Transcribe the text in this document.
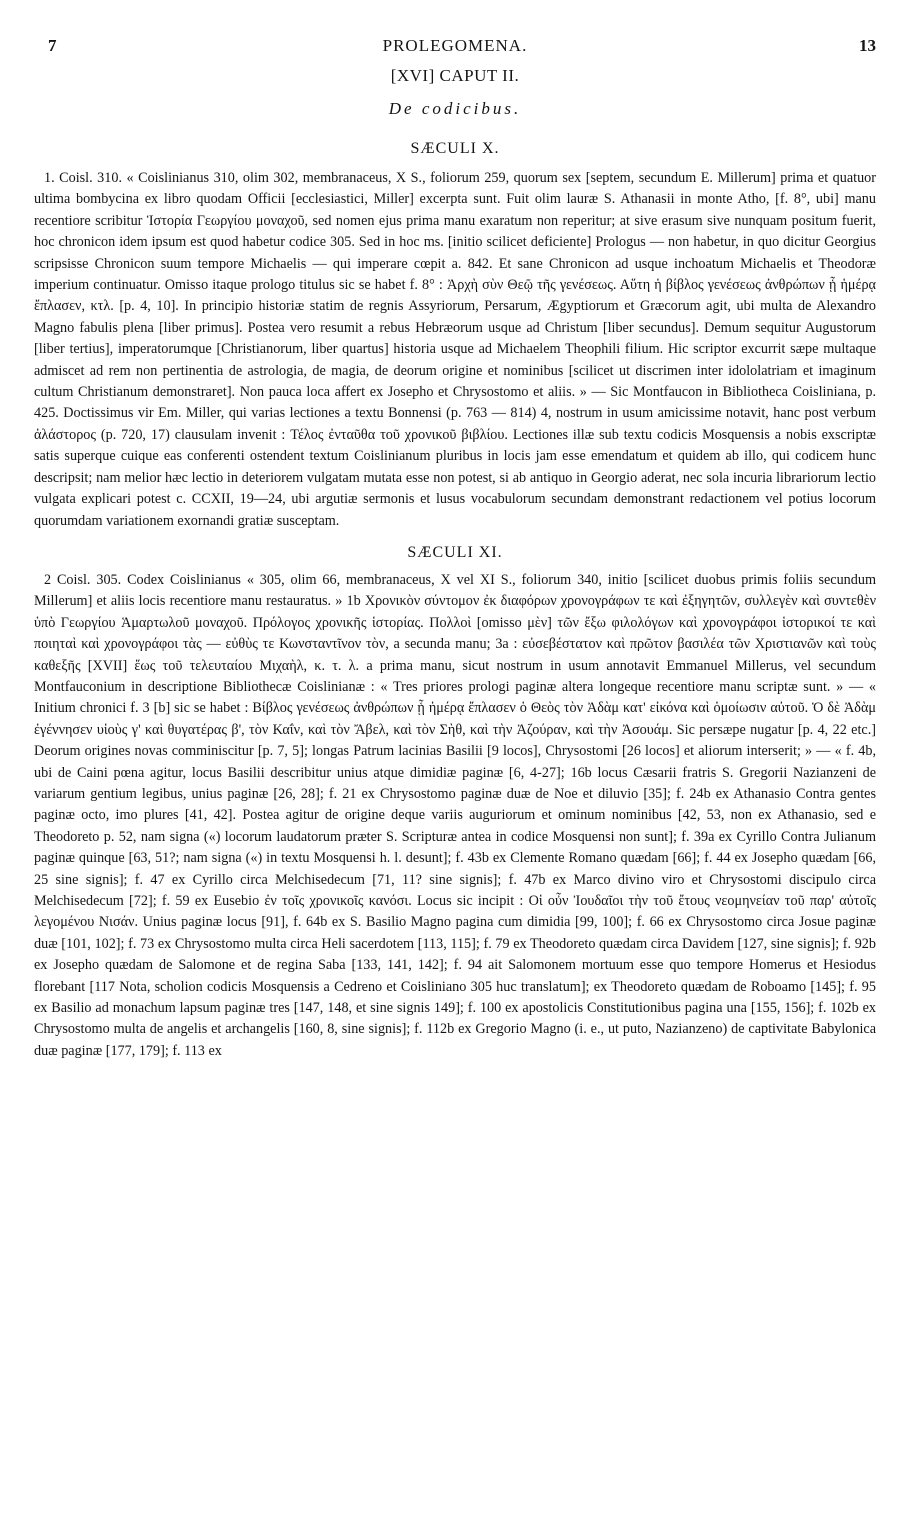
7	PROLEGOMENA.	13
[XVI] CAPUT II.
De codicibus.
SÆCULI X.

1. Coisl. 310. « Coislinianus 310, olim 302, membranaceus, X S., foliorum 259, quorum sex [septem, secundum E. Millerum] prima et quatuor ultima bombycina ex libro quodam Officii [ecclesiastici, Miller] excerpta sunt. Fuit olim lauræ S. Athanasii in monte Atho, [f. 8°, ubi] manu recentiore scribitur Ἱστορία Γεωργίου μοναχοῦ, sed nomen ejus prima manu exaratum non reperitur; at sive erasum sive nunquam positum fuerit, hoc chronicon idem ipsum est quod habetur codice 305. Sed in hoc ms. [initio scilicet deficiente] Prologus — non habetur, in quo dicitur Georgius scripsisse Chronicon suum tempore Michaelis — qui imperare cœpit a. 842. Et sane Chronicon ad usque inchoatum Michaelis et Theodoræ imperium continuatur. Omisso itaque prologo titulus sic se habet f. 8° : Ἀρχὴ σὺν Θεῷ τῆς γενέσεως. Αὕτη ἡ βίβλος γενέσεως ἀνθρώπων ᾗ ἡμέρᾳ ἔπλασεν, κτλ. [p. 4, 10]. In principio historiæ statim de regnis Assyriorum, Persarum, Ægyptiorum et Græcorum agit, ubi multa de Alexandro Magno fabulis plena [liber primus]. Postea vero resumit a rebus Hebræorum usque ad Christum [liber secundus]. Demum sequitur Augustorum [liber tertius], imperatorumque [Christianorum, liber quartus] historia usque ad Michaelem Theophili filium. Hic scriptor excurrit sæpe multaque admiscet ad rem non pertinentia de astrologia, de magia, de deorum origine et nominibus [scilicet ut discrimen inter idololatriam et imaginum cultum Christianum demonstraret]. Non pauca loca affert ex Josepho et Chrysostomo et aliis. » — Sic Montfaucon in Bibliotheca Coisliniana, p. 425. Doctissimus vir Em. Miller, qui varias lectiones a textu Bonnensi (p. 763 — 814) 4, nostrum in usum amicissime notavit, hanc post verbum ἀλάστορος (p. 720, 17) clausulam invenit : Τέλος ἐνταῦθα τοῦ χρονικοῦ βιβλίου. Lectiones illæ sub textu codicis Mosquensis a nobis exscriptæ satis superque cuique eas conferenti ostendent textum Coislinianum pluribus in locis jam esse emendatum et quidem ab illo, qui codicem hunc descripsit; nam melior hæc lectio in deteriorem vulgatam mutata esse non potest, si ab antiquo in Georgio aderat, nec sola incuria librariorum lectio vulgata explicari potest c. CCXII, 19—24, ubi argutiæ sermonis et lusus vocabulorum secundam demonstrant redactionem vel potius locorum quorumdam variationem exornandi gratiæ susceptam.

SÆCULI XI.

2 Coisl. 305. Codex Coislinianus « 305, olim 66, membranaceus, X vel XI S., foliorum 340, initio [scilicet duobus primis foliis secundum Millerum] et aliis locis recentiore manu restauratus. » 1b Χρονικὸν σύντομον ἐκ διαφόρων χρονογράφων τε καὶ ἐξηγητῶν, συλλεγὲν καὶ συντεθὲν ὑπὸ Γεωργίου Ἁμαρτωλοῦ μοναχοῦ. Πρόλογος χρονικῆς ἱστορίας. Πολλοὶ [omisso μὲν] τῶν ἔξω φιλολόγων καὶ χρονογράφοι ἱστορικοί τε καὶ ποιηταὶ καὶ χρονογράφοι τὰς — εὐθὺς τε Κωνσταντῖνον τὸν, a secunda manu; 3a : εὐσεβέστατον καὶ πρῶτον βασιλέα τῶν Χριστιανῶν καὶ τοὺς καθεξῆς [XVII] ἕως τοῦ τελευταίου Μιχαὴλ, κ. τ. λ. a prima manu, sicut nostrum in usum annotavit Emmanuel Millerus, vel secundum Montfauconium in descriptione Bibliothecæ Coislinianæ : « Tres priores prologi paginæ altera longeque recentiore manu scriptæ sunt. » — « Initium chronici f. 3 [b] sic se habet : Βίβλος γενέσεως ἀνθρώπων ᾗ ἡμέρᾳ ἔπλασεν ὁ Θεὸς τὸν Ἀδὰμ κατ' εἰκόνα καὶ ὁμοίωσιν αὐτοῦ. Ὁ δὲ Ἀδὰμ ἐγέννησεν υἱοὺς γ' καὶ θυγατέρας β', τὸν Καΐν, καὶ τὸν Ἄβελ, καὶ τὸν Σὴθ, καὶ τὴν Ἀζούραν, καὶ τὴν Ἀσουάμ. Sic persæpe nugatur [p. 4, 22 etc.] Deorum origines novas comminiscitur [p. 7, 5]; longas Patrum lacinias Basilii [9 locos], Chrysostomi [26 locos] et aliorum interserit; » — « f. 4b, ubi de Caini pœna agitur, locus Basilii describitur unius atque dimidiæ paginæ [6, 4-27]; 16b locus Cæsarii fratris S. Gregorii Nazianzeni de variarum gentium legibus, unius paginæ [26, 28]; f. 21 ex Chrysostomo paginæ duæ de Noe et diluvio [35]; f. 24b ex Athanasio Contra gentes paginæ octo, imo plures [41, 42]. Postea agitur de origine deque variis auguriorum et ominum nominibus [42, 53, non ex Athanasio, sed e Theodoreto p. 52, nam signa («) locorum laudatorum præter S. Scripturæ antea in codice Mosquensi non sunt]; f. 39a ex Cyrillo Contra Julianum paginæ quinque [63, 51?; nam signa («) in textu Mosquensi h. l. desunt]; f. 43b ex Clemente Romano quædam [66]; f. 44 ex Josepho quædam [66, 25 sine signis]; f. 47 ex Cyrillo circa Melchisedecum [71, 11? sine signis]; f. 47b ex Marco divino viro et Chrysostomi discipulo circa Melchisedecum [72]; f. 59 ex Eusebio ἐν τοῖς χρονικοῖς κανόσι. Locus sic incipit : Οἱ οὖν Ἰουδαῖοι τὴν τοῦ ἔτους νεομηνείαν τοῦ παρ' αὐτοῖς λεγομένου Νισάν. Unius paginæ locus [91], f. 64b ex S. Basilio Magno pagina cum dimidia [99, 100]; f. 66 ex Chrysostomo circa Josue paginæ duæ [101, 102]; f. 73 ex Chrysostomo multa circa Heli sacerdotem [113, 115]; f. 79 ex Theodoreto quædam circa Davidem [127, sine signis]; f. 92b ex Josepho quædam de Salomone et de regina Saba [133, 141, 142]; f. 94 ait Salomonem mortuum esse quo tempore Homerus et Hesiodus florebant [117 Nota, scholion codicis Mosquensis a Cedreno et Coisliniano 305 huc translatum]; ex Theodoreto quædam de Roboamo [145]; f. 95 ex Basilio ad monachum lapsum paginæ tres [147, 148, et sine signis 149]; f. 100 ex apostolicis Constitutionibus pagina una [155, 156]; f. 102b ex Chrysostomo multa de angelis et archangelis [160, 8, sine signis]; f. 112b ex Gregorio Magno (i. e., ut puto, Nazianzeno) de captivitate Babylonica duæ paginæ [177, 179]; f. 113 ex
